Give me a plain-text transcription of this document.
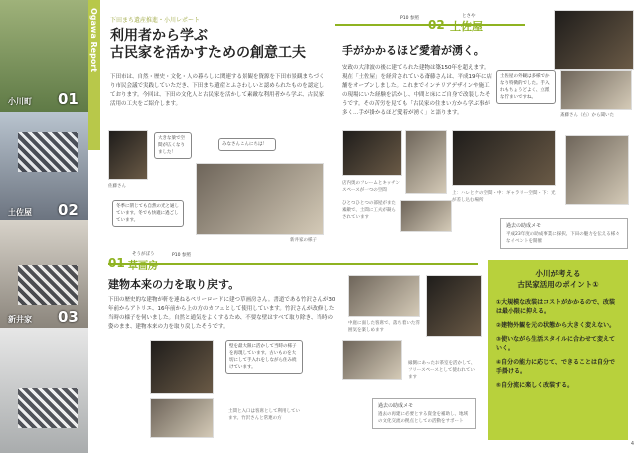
小川町 01
土佐屋 02
新井家 03
Ogawa Report 下田まち遺産推進・小川レポート
利用者から学ぶ
古民家を活かすための創意工夫
下田市は、自然・歴史・文化・人の暮らしに関連する景観を資源を下田市景観まちづくり市民会議で実践していただき、下田まち遺産とふさわしいと認められたものを認定しております。今回は、下田の文化人と古民家を活かして素敵な利用者から学ぶ、古民家活用の工夫をご紹介します。
佐藤さん
新井家の様子
みなさんこんにちは！
大きな梁で空間が広くなりました！
冬季に閉じても自然の光と通しています。冬でも快適に過ごしています。
P10 参照 02
とさや
土佐屋
手がかかるほど愛着が湧く。
安政の大津波の後に建てられた建物は築150年を超えます。現在「土佐屋」を経営されている斎藤さんは、平成19年に店舗をオープンしました。これまでインテリアデザインや施工の現場にいた経験を活かし、中間と床にご自身で改装したそうです。その苦労を見ても「古民家の住まい方から学ぶ事が多く…手が掛かるほど愛着が湧く」と語ります。
土佐屋の外観は多様でかなり特徴的でした。手入れもちょうどよく、立派な佇まいですね。
斎藤さん（右）から聞いた
店内奥のフレームとキッチンスペースが一つの空間
ひとつひとつの部屋がまた素敵で、土間に工夫が凝らされています
上：ハレとケの空間・中：ギャラリー空間・下：光が差し込む場所
過去の助成メモ
平成23年度の助成事業に採択、下田の魅力を伝える様々なイベントを開催
P10 参照
01
そうがぼう
草画房
建物本来の力を取り戻す。
下田の歴史的な建物が軒を連ねるペリーロードに建つ草画房さん。書道である竹沢さんが30年前からアトリエ、16年前から上の方のカフェとして使用しています。竹沢さんが改修した当時の様子を伺いました。自然と通気をよくするため、不要な壁はすべて取り除き、当時の姿のまま、建物本来の力を取り戻したそうです。
中庭に面した客席で、落ち着いた雰囲気を楽しめます
縁側にあったお茶室を活かして、フリースペースとして使われています
壁を最大限に活かして当時の様子を再現しています。古いものを大切にして手入れをしながら住み続けています。
土間と入口は客席として利用しています。竹沢さんと常連の方
過去の助成メモ
過去の再建に必要とする資金を補助し、地域の文化交流の拠点としての活動をサポート
小川が考える
古民家活用のポイント①
①大規模な改装はコストがかかるので、改装は最小限に抑える。
②建物外観を元の状態から大きく変えない。
③使いながら生活スタイルに合わせて変えていく。
④自分の能力に応じて、できることは自分で手掛ける。
⑤自分流に楽しく改装する。
4
